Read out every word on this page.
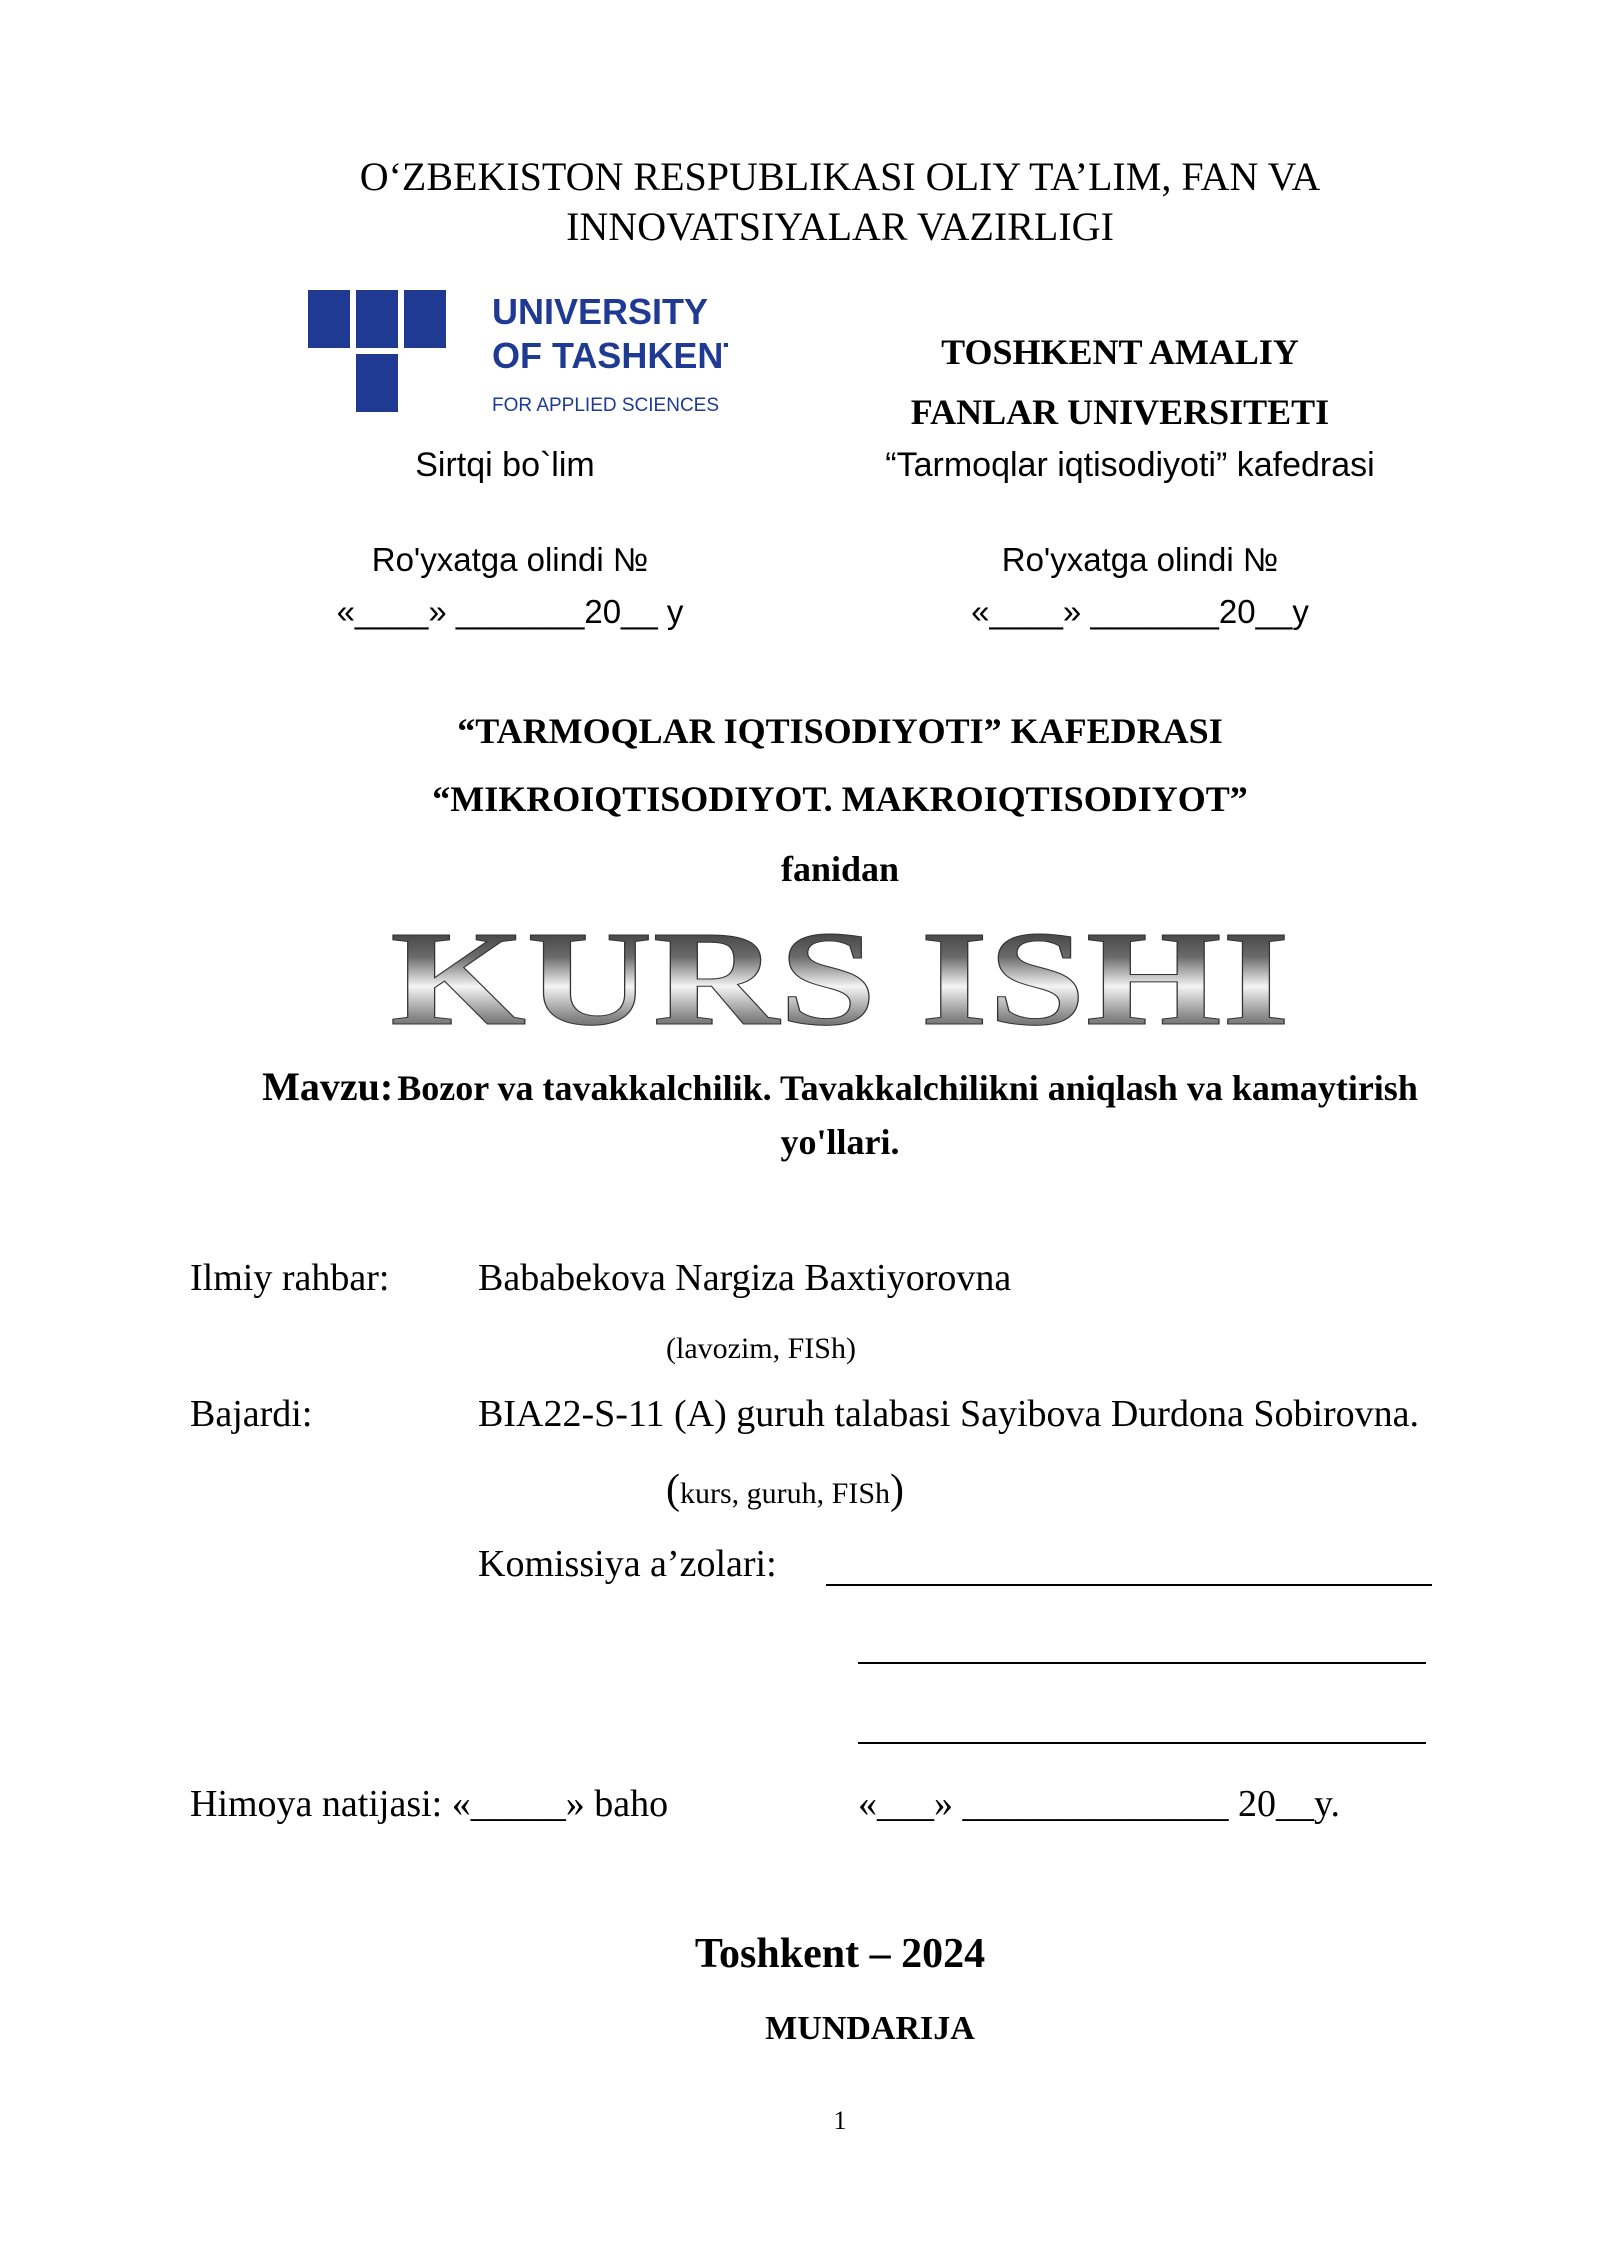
O‘ZBEKISTON RESPUBLIKASI OLIY TA’LIM, FAN VA
INNOVATSIYALAR VAZIRLIGI
UNIVERSITY
OF TASHKENT
FOR APPLIED SCIENCES
TOSHKENT AMALIY
FANLAR UNIVERSITETI
Sirtqi bo`lim	“Tarmoqlar iqtisodiyoti” kafedrasi
Ro'yxatga olindi №
«____» _______20__ y
Ro'yxatga olindi №
«____» _______20__y
“TARMOQLAR IQTISODIYOTI” KAFEDRASI
“MIKROIQTISODIYOT. MAKROIQTISODIYOT”
fanidan
KURS ISHI
Mavzu: Bozor va tavakkalchilik. Tavakkalchilikni aniqlash va kamaytirish yo'llari.
Ilmiy rahbar: Bababekova Nargiza Baxtiyorovna
(lavozim, FISh)
Bajardi:	BIA22-S-11 (A) guruh talabasi Sayibova Durdona Sobirovna.
(kurs, guruh, FISh)
Komissiya a’zolari:
Himoya natijasi: «_____» baho	«___» ______________ 20__y.
Toshkent – 2024
MUNDARIJA
1
